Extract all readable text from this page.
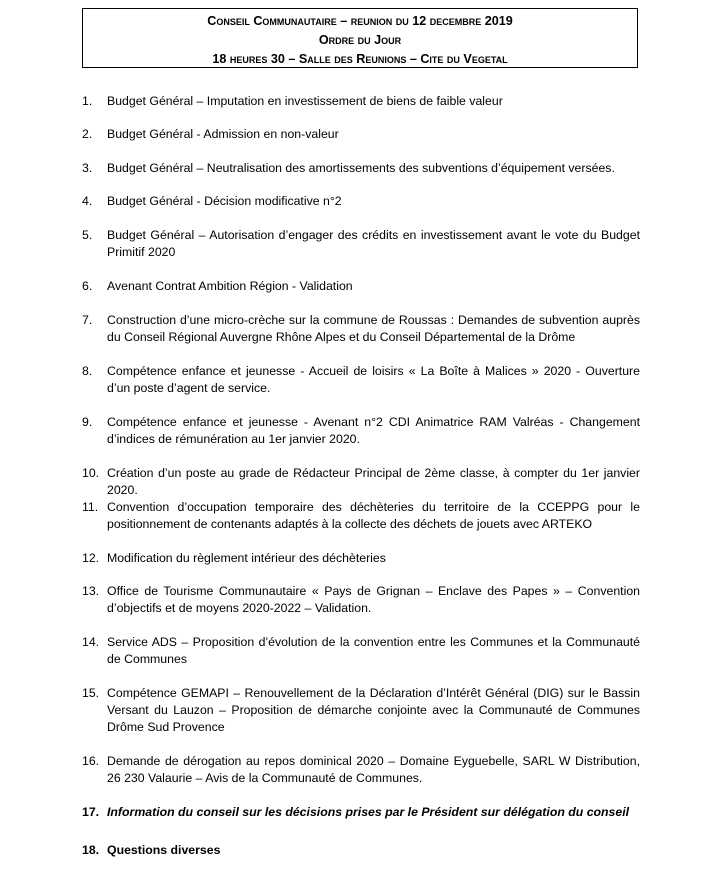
Conseil Communautaire – reunion du 12 decembre 2019
Ordre du Jour
18 heures 30 – Salle des Reunions – Cite du Vegetal
1.	Budget Général – Imputation en investissement de biens de faible valeur
2.	Budget Général - Admission en non-valeur
3.	Budget Général – Neutralisation des amortissements des subventions d’équipement versées.
4.	Budget Général - Décision modificative n°2
5.	Budget Général – Autorisation d’engager des crédits en investissement avant le vote du Budget Primitif 2020
6.	Avenant Contrat Ambition Région - Validation
7.	Construction d’une micro-crèche sur la commune de Roussas : Demandes de subvention auprès du Conseil Régional Auvergne Rhône Alpes et du Conseil Départemental de la Drôme
8.	Compétence enfance et jeunesse - Accueil de loisirs « La Boîte à Malices » 2020 - Ouverture d’un poste d’agent de service.
9.	Compétence enfance et jeunesse - Avenant n°2 CDI Animatrice RAM Valréas - Changement d’indices de rémunération au 1er janvier 2020.
10. Création d’un poste au grade de Rédacteur Principal de 2ème classe, à compter du 1er janvier 2020.
11. Convention d’occupation temporaire des déchèteries du territoire de la CCEPPG pour le positionnement de contenants adaptés à la collecte des déchets de jouets avec ARTEKO
12. Modification du règlement intérieur des déchèteries
13. Office de Tourisme Communautaire « Pays de Grignan – Enclave des Papes » – Convention d’objectifs et de moyens 2020-2022 – Validation.
14. Service ADS – Proposition d’évolution de la convention entre les Communes et la Communauté de Communes
15. Compétence GEMAPI – Renouvellement de la Déclaration d’Intérêt Général (DIG) sur le Bassin Versant du Lauzon – Proposition de démarche conjointe avec la Communauté de Communes Drôme Sud Provence
16. Demande de dérogation au repos dominical 2020 – Domaine Eyguebelle, SARL W Distribution, 26 230 Valaurie – Avis de la Communauté de Communes.
17. Information du conseil sur les décisions prises par le Président sur délégation du conseil
18. Questions diverses
